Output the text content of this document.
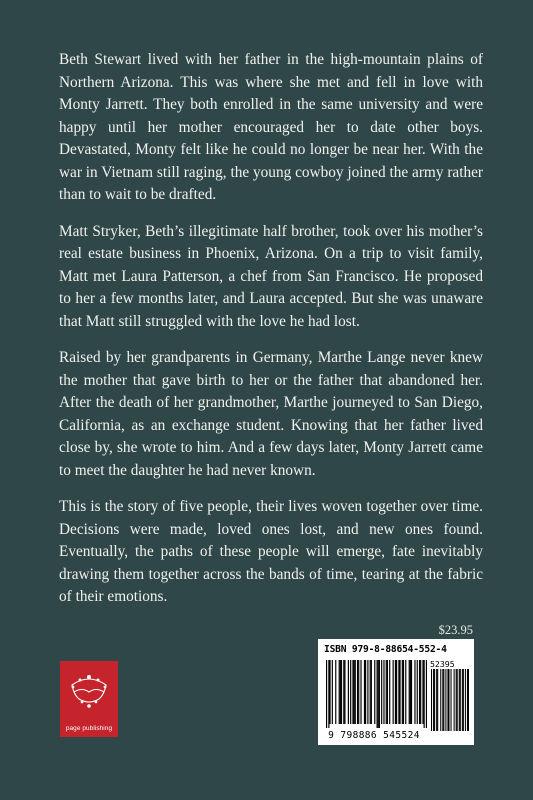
Beth Stewart lived with her father in the high-mountain plains of Northern Arizona. This was where she met and fell in love with Monty Jarrett. They both enrolled in the same university and were happy until her mother encouraged her to date other boys. Devastated, Monty felt like he could no longer be near her. With the war in Vietnam still raging, the young cowboy joined the army rather than to wait to be drafted.

Matt Stryker, Beth’s illegitimate half brother, took over his mother’s real estate business in Phoenix, Arizona. On a trip to visit family, Matt met Laura Patterson, a chef from San Francisco. He proposed to her a few months later, and Laura accepted. But she was unaware that Matt still struggled with the love he had lost.

Raised by her grandparents in Germany, Marthe Lange never knew the mother that gave birth to her or the father that abandoned her. After the death of her grandmother, Marthe journeyed to San Diego, California, as an exchange student. Knowing that her father lived close by, she wrote to him. And a few days later, Monty Jarrett came to meet the daughter he had never known.

This is the story of five people, their lives woven together over time. Decisions were made, loved ones lost, and new ones found. Eventually, the paths of these people will emerge, fate inevitably drawing them together across the bands of time, tearing at the fabric of their emotions.

page publishing
$23.95
ISBN 979-8-88654-552-4
52395
9 798886 545524
